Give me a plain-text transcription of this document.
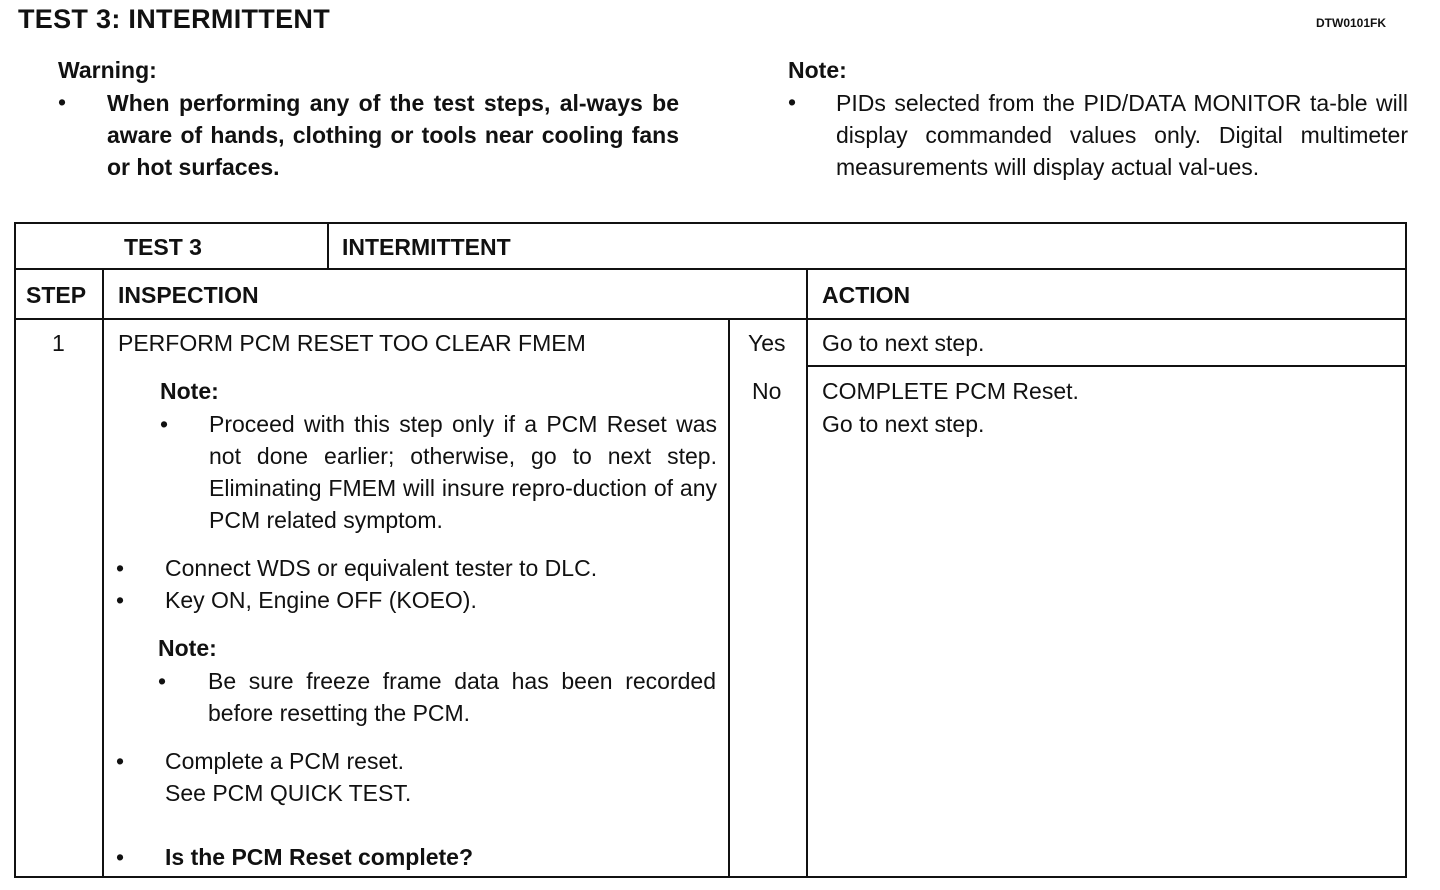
TEST 3: INTERMITTENT	DTW0101FK
Warning:
• When performing any of the test steps, al-ways be aware of hands, clothing or tools near cooling fans or hot surfaces.
Note:
• PIDs selected from the PID/DATA MONITOR ta-ble will display commanded values only. Digital multimeter measurements will display actual val-ues.
TEST 3	INTERMITTENT
STEP INSPECTION	ACTION
1 PERFORM PCM RESET TOO CLEAR FMEM
Note:
• Proceed with this step only if a PCM Reset was not done earlier; otherwise, go to next step. Eliminating FMEM will insure repro-duction of any PCM related symptom.
• Connect WDS or equivalent tester to DLC.
• Key ON, Engine OFF (KOEO).
Note:
• Be sure freeze frame data has been recorded before resetting the PCM.
• Complete a PCM reset.
See PCM QUICK TEST.
• Is the PCM Reset complete?
Yes Go to next step.
No COMPLETE PCM Reset.
Go to next step.
